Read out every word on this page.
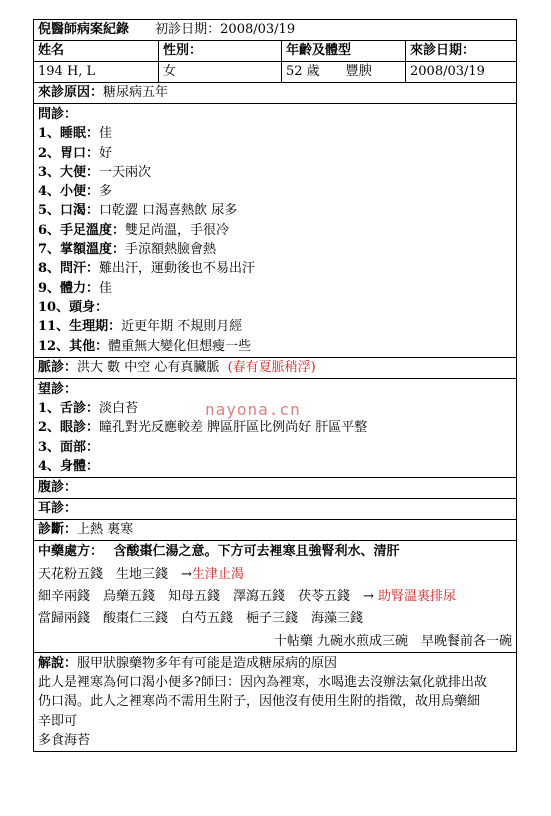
倪醫師病案紀錄 初診日期：2008/03/19
姓名	性別：	年齡及體型	來診日期：
194 H, L	女	52 歲　　豐腴	2008/03/19
來診原因：糖尿病五年
問診：
1、睡眠：佳
2、胃口：好
3、大便：一天兩次
4、小便：多
5、口渴：口乾澀 口渴喜熱飲 尿多
6、手足溫度：雙足尚溫，手很冷
7、掌額溫度：手涼額熱臉會熱
8、問汗：難出汗，運動後也不易出汗
9、體力：佳
10、頭身：
11、生理期：近更年期 不規則月經
12、其他：體重無大變化但想瘦一些
脈診：洪大 數 中空 心有真臟脈 (春有夏脈稍浮)
望診：
1、舌診：淡白苔
2、眼診：瞳孔對光反應較差 脾區肝區比例尚好 肝區平整
3、面部：
4、身體：
腹診：
耳診：
診斷：上熱 裏寒
中藥處方： 含酸棗仁湯之意。下方可去裡寒且強腎利水、清肝
天花粉五錢　生地三錢　→生津止渴
細辛兩錢　烏藥五錢　知母五錢　澤瀉五錢　茯苓五錢　→ 助腎溫裏排尿
當歸兩錢　酸棗仁三錢　白芍五錢　梔子三錢　海藻三錢
十帖藥 九碗水煎成三碗　早晚餐前各一碗
解說：服甲狀腺藥物多年有可能是造成糖尿病的原因
此人是裡寒為何口渴小便多?師曰：因內為裡寒，水喝進去沒辦法氣化就排出故
仍口渴。此人之裡寒尚不需用生附子，因他沒有使用生附的指徵，故用烏藥細
辛即可
多食海苔
nayona.cn
